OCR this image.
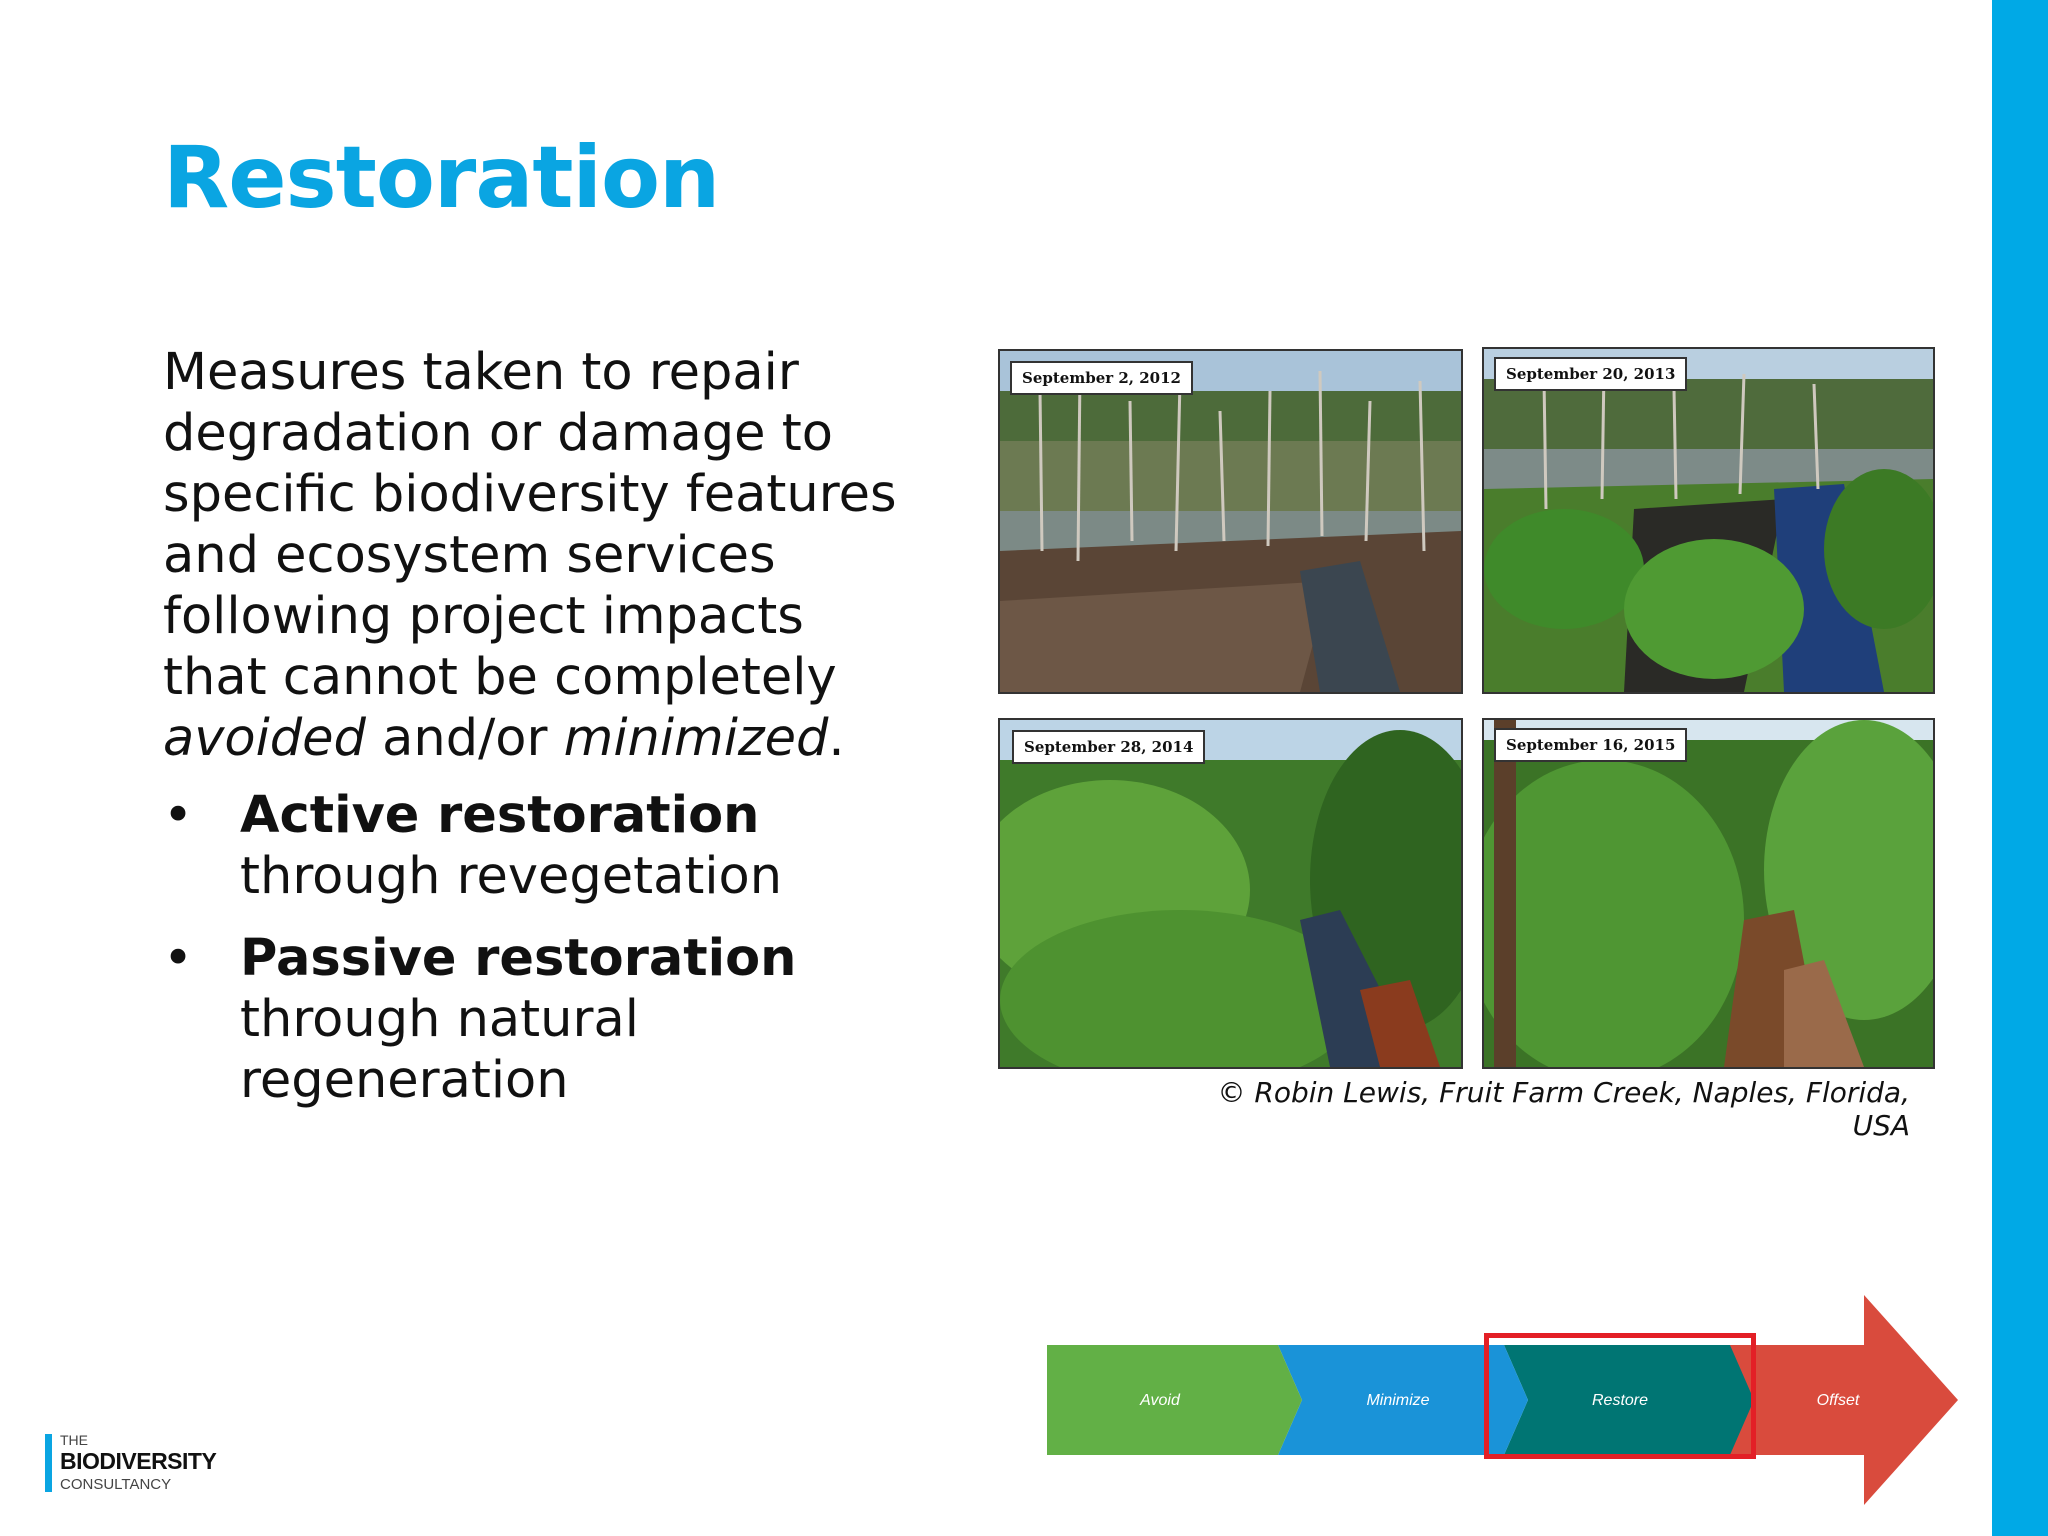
Restoration

Measures taken to repair degradation or damage to specific biodiversity features and ecosystem services following project impacts that cannot be completely avoided and/or minimized.

• Active restoration
through revegetation
• Passive restoration
through natural regeneration
September 2, 2012	September 20, 2013
September 28, 2014	September 16, 2015
© Robin Lewis, Fruit Farm Creek, Naples, Florida, USA
Avoid	Minimize	Restore	Offset
THE
BIODIVERSITY
CONSULTANCY
